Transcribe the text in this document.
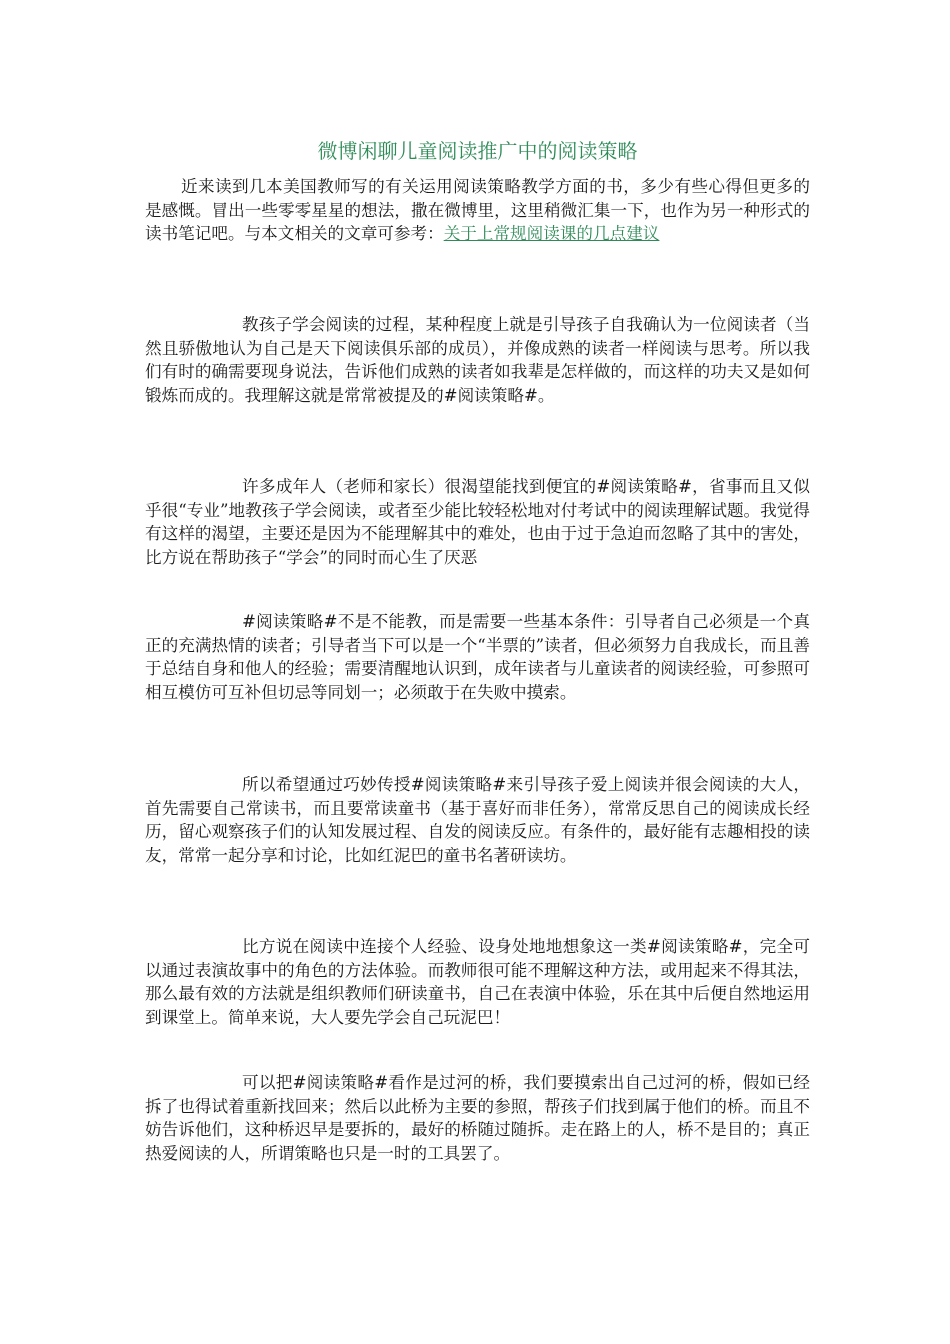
微博闲聊儿童阅读推广中的阅读策略

近来读到几本美国教师写的有关运用阅读策略教学方面的书，多少有些心得但更多的是感慨。冒出一些零零星星的想法，撒在微博里，这里稍微汇集一下，也作为另一种形式的读书笔记吧。与本文相关的文章可参考：关于上常规阅读课的几点建议

教孩子学会阅读的过程，某种程度上就是引导孩子自我确认为一位阅读者（当然且骄傲地认为自己是天下阅读俱乐部的成员），并像成熟的读者一样阅读与思考。所以我们有时的确需要现身说法，告诉他们成熟的读者如我辈是怎样做的，而这样的功夫又是如何锻炼而成的。我理解这就是常常被提及的#阅读策略#。

许多成年人（老师和家长）很渴望能找到便宜的#阅读策略#，省事而且又似乎很“专业”地教孩子学会阅读，或者至少能比较轻松地对付考试中的阅读理解试题。我觉得有这样的渴望，主要还是因为不能理解其中的难处，也由于过于急迫而忽略了其中的害处，比方说在帮助孩子“学会”的同时而心生了厌恶

#阅读策略#不是不能教，而是需要一些基本条件：引导者自己必须是一个真正的充满热情的读者；引导者当下可以是一个“半票的”读者，但必须努力自我成长，而且善于总结自身和他人的经验；需要清醒地认识到，成年读者与儿童读者的阅读经验，可参照可相互模仿可互补但切忌等同划一；必须敢于在失败中摸索。

所以希望通过巧妙传授#阅读策略#来引导孩子爱上阅读并很会阅读的大人，首先需要自己常读书，而且要常读童书（基于喜好而非任务），常常反思自己的阅读成长经历，留心观察孩子们的认知发展过程、自发的阅读反应。有条件的，最好能有志趣相投的读友，常常一起分享和讨论，比如红泥巴的童书名著研读坊。

比方说在阅读中连接个人经验、设身处地地想象这一类#阅读策略#，完全可以通过表演故事中的角色的方法体验。而教师很可能不理解这种方法，或用起来不得其法，那么最有效的方法就是组织教师们研读童书，自己在表演中体验，乐在其中后便自然地运用到课堂上。简单来说，大人要先学会自己玩泥巴！

可以把#阅读策略#看作是过河的桥，我们要摸索出自己过河的桥，假如已经拆了也得试着重新找回来；然后以此桥为主要的参照，帮孩子们找到属于他们的桥。而且不妨告诉他们，这种桥迟早是要拆的，最好的桥随过随拆。走在路上的人，桥不是目的；真正热爱阅读的人，所谓策略也只是一时的工具罢了。
